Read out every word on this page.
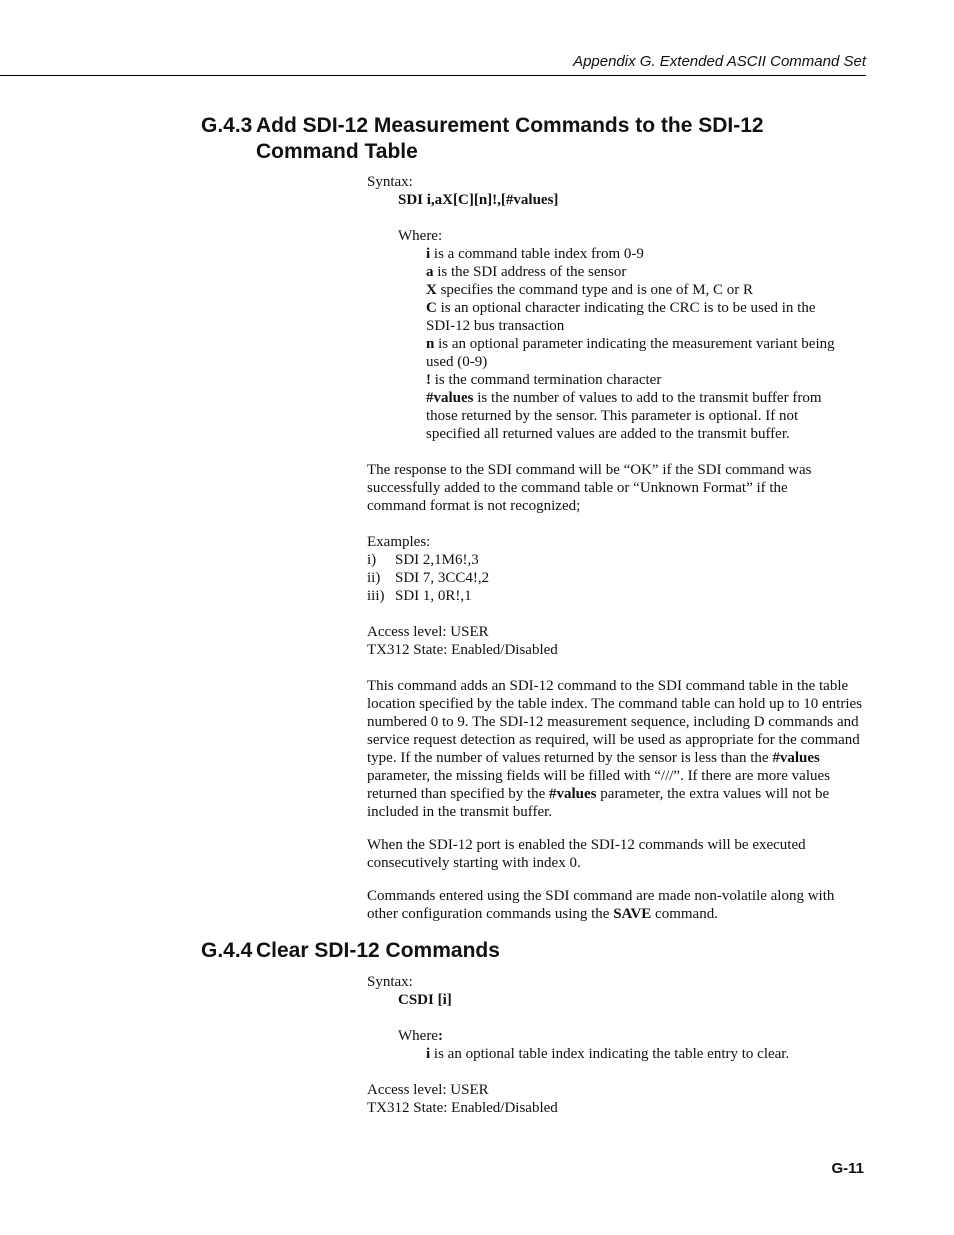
Appendix G. Extended ASCII Command Set
G.4.3 Add SDI-12 Measurement Commands to the SDI-12
Command Table

Syntax:

SDI i,aX[C][n]!,[#values]

Where:

i is a command table index from 0-9

a is the SDI address of the sensor

X specifies the command type and is one of M, C or R

C is an optional character indicating the CRC is to be used in the SDI-12 bus transaction

n is an optional parameter indicating the measurement variant being used (0-9)

! is the command termination character

#values is the number of values to add to the transmit buffer from those returned by the sensor. This parameter is optional. If not specified all returned values are added to the transmit buffer.

The response to the SDI command will be “OK” if the SDI command was successfully added to the command table or “Unknown Format” if the command format is not recognized;

Examples:

i)	SDI 2,1M6!,3
ii) SDI 7, 3CC4!,2
iii) SDI 1, 0R!,1

Access level: USER

TX312 State: Enabled/Disabled

This command adds an SDI-12 command to the SDI command table in the table location specified by the table index. The command table can hold up to 10 entries numbered 0 to 9. The SDI-12 measurement sequence, including D commands and service request detection as required, will be used as appropriate for the command type. If the number of values returned by the sensor is less than the #values parameter, the missing fields will be filled with “///”. If there are more values returned than specified by the #values parameter, the extra values will not be included in the transmit buffer.

When the SDI-12 port is enabled the SDI-12 commands will be executed consecutively starting with index 0.

Commands entered using the SDI command are made non-volatile along with other configuration commands using the SAVE command.

G.4.4 Clear SDI-12 Commands

Syntax:

CSDI [i]

Where:

i is an optional table index indicating the table entry to clear.

Access level: USER

TX312 State: Enabled/Disabled

G-11
